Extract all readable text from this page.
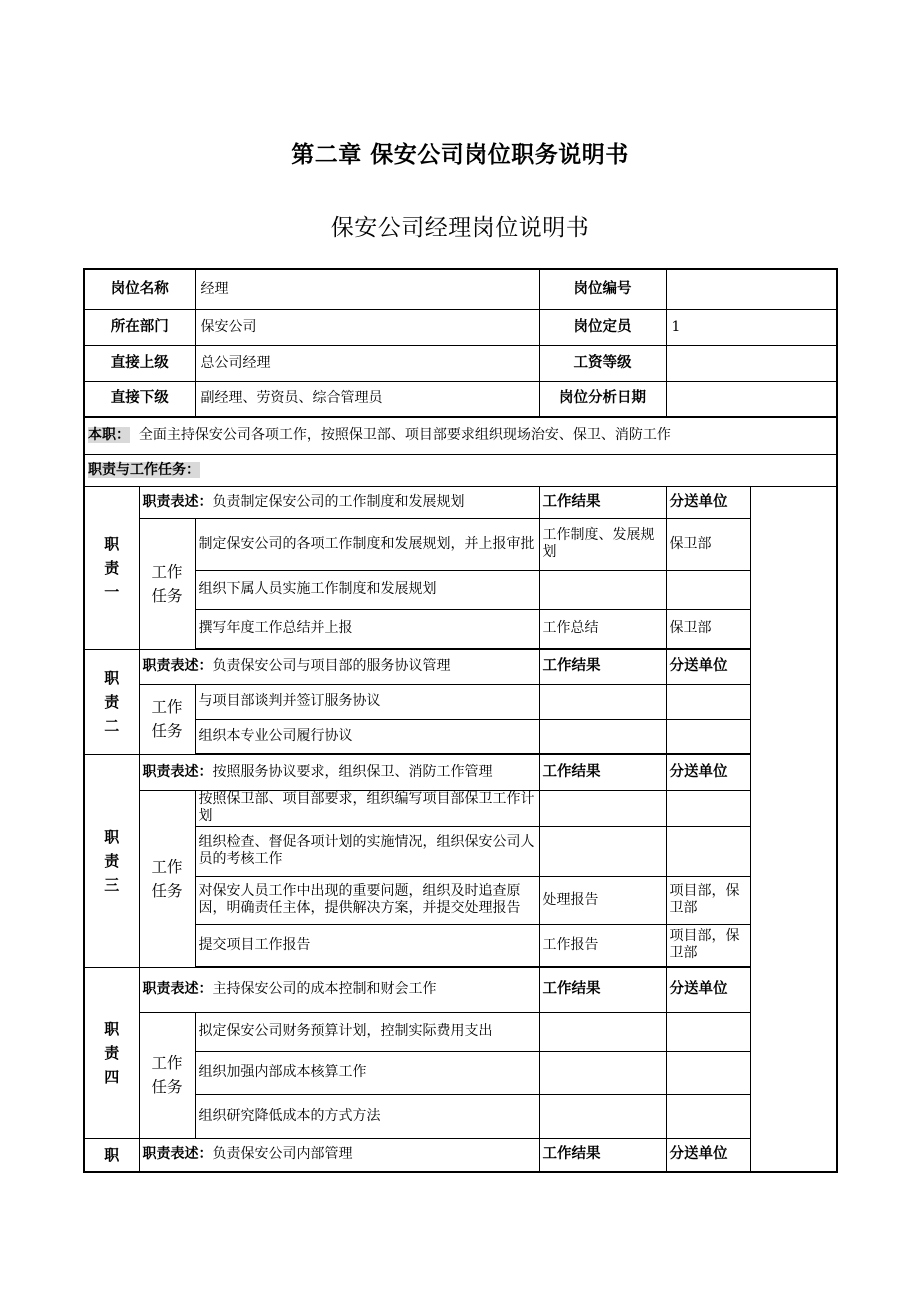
第二章 保安公司岗位职务说明书
保安公司经理岗位说明书
岗位名称		经理	岗位编号	
所在部门		保安公司	岗位定员	1
直接上级		总公司经理	工资等级	
直接下级		副经理、劳资员、综合管理员	岗位分析日期	
本职： 全面主持保安公司各项工作，按照保卫部、项目部要求组织现场治安、保卫、消防工作				
职责与工作任务：				

职
责
一	职责表述：负责制定保安公司的工作制度和发展规划		工作结果	分送单位

	工作
任务	制定保安公司的各项工作制度和发展规划，并上报审批	工作制度、发展规划	保卫部
		组织下属人员实施工作制度和发展规划		
		撰写年度工作总结并上报	工作总结	保卫部

职
责
二	职责表述：负责保安公司与项目部的服务协议管理		工作结果	分送单位

	工作
任务	与项目部谈判并签订服务协议		
		组织本专业公司履行协议		

职
责
三	职责表述：按照服务协议要求，组织保卫、消防工作管理		工作结果	分送单位

	工作
任务	按照保卫部、项目部要求，组织编写项目部保卫工作计划		
		组织检查、督促各项计划的实施情况，组织保安公司人员的考核工作		
		对保安人员工作中出现的重要问题，组织及时追查原因，明确责任主体，提供解决方案，并提交处理报告	处理报告	项目部，保卫部
		提交项目工作报告	工作报告	项目部，保卫部

职
责
四	职责表述：主持保安公司的成本控制和财会工作		工作结果	分送单位

	工作
任务	拟定保安公司财务预算计划，控制实际费用支出		
		组织加强内部成本核算工作		
		组织研究降低成本的方式方法		

职	职责表述：负责保安公司内部管理		工作结果	分送单位
